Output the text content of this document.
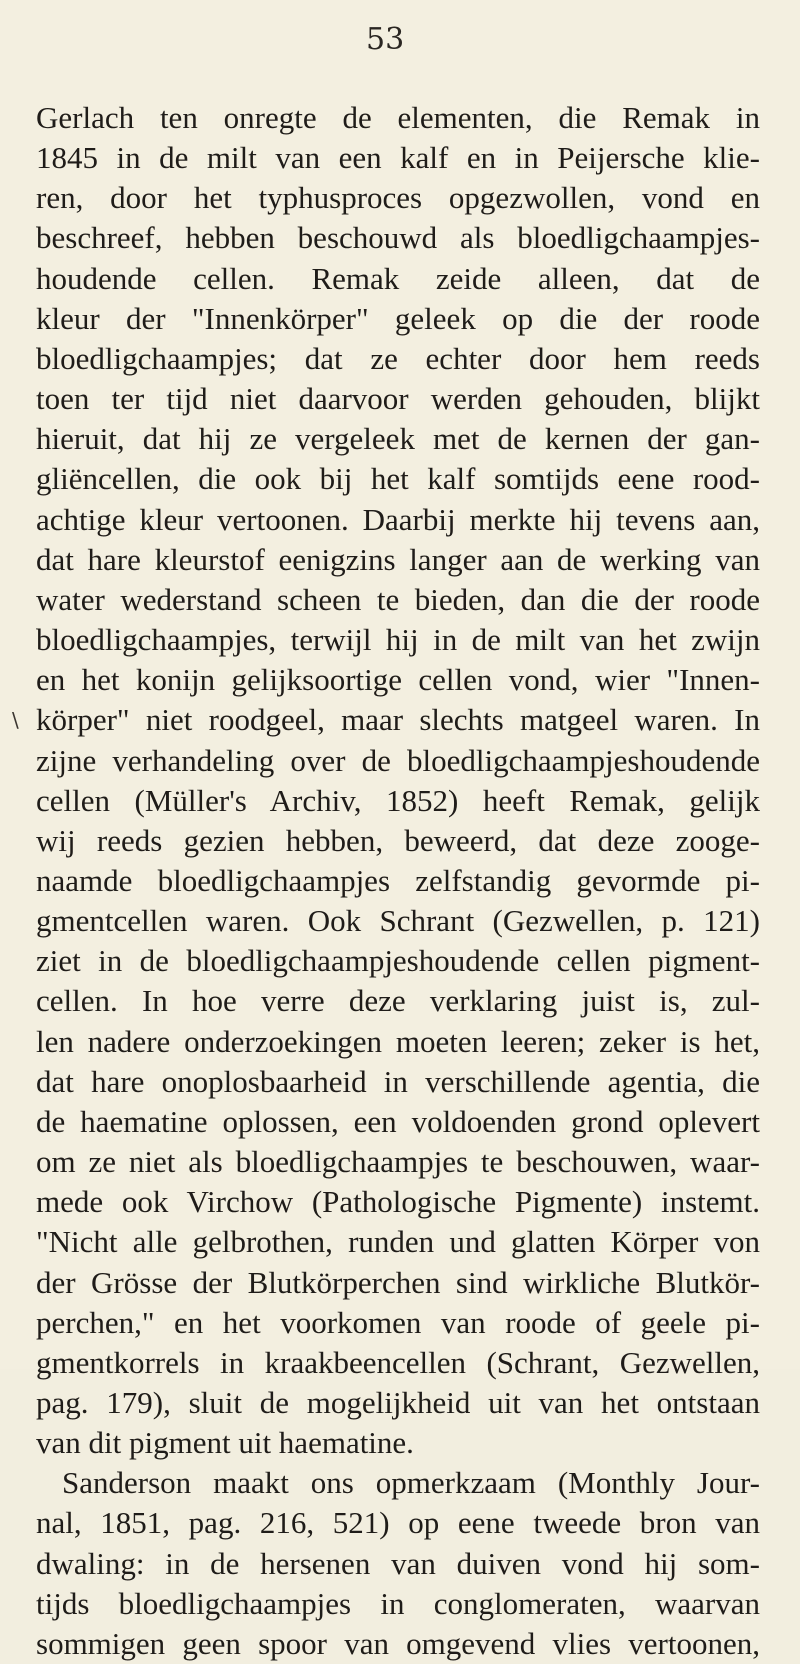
53
\
Gerlach ten onregte de elementen, die Remak in
1845 in de milt van een kalf en in Peijersche klie-
ren, door het typhusproces opgezwollen, vond en
beschreef, hebben beschouwd als bloedligchaampjes-
houdende cellen. Remak zeide alleen, dat de
kleur der "Innenkörper" geleek op die der roode
bloedligchaampjes; dat ze echter door hem reeds
toen ter tijd niet daarvoor werden gehouden, blijkt
hieruit, dat hij ze vergeleek met de kernen der gan-
gliëncellen, die ook bij het kalf somtijds eene rood-
achtige kleur vertoonen. Daarbij merkte hij tevens aan,
dat hare kleurstof eenigzins langer aan de werking van
water wederstand scheen te bieden, dan die der roode
bloedligchaampjes, terwijl hij in de milt van het zwijn
en het konijn gelijksoortige cellen vond, wier "Innen-
körper" niet roodgeel, maar slechts matgeel waren. In
zijne verhandeling over de bloedligchaampjeshoudende
cellen (Müller's Archiv, 1852) heeft Remak, gelijk
wij reeds gezien hebben, beweerd, dat deze zooge-
naamde bloedligchaampjes zelfstandig gevormde pi-
gmentcellen waren. Ook Schrant (Gezwellen, p. 121)
ziet in de bloedligchaampjeshoudende cellen pigment-
cellen. In hoe verre deze verklaring juist is, zul-
len nadere onderzoekingen moeten leeren; zeker is het,
dat hare onoplosbaarheid in verschillende agentia, die
de haematine oplossen, een voldoenden grond oplevert
om ze niet als bloedligchaampjes te beschouwen, waar-
mede ook Virchow (Pathologische Pigmente) instemt.
"Nicht alle gelbrothen, runden und glatten Körper von
der Grösse der Blutkörperchen sind wirkliche Blutkör-
perchen," en het voorkomen van roode of geele pi-
gmentkorrels in kraakbeencellen (Schrant, Gezwellen,
pag. 179), sluit de mogelijkheid uit van het ontstaan
van dit pigment uit haematine.
Sanderson maakt ons opmerkzaam (Monthly Jour-
nal, 1851, pag. 216, 521) op eene tweede bron van
dwaling: in de hersenen van duiven vond hij som-
tijds bloedligchaampjes in conglomeraten, waarvan
sommigen geen spoor van omgevend vlies vertoonen,
